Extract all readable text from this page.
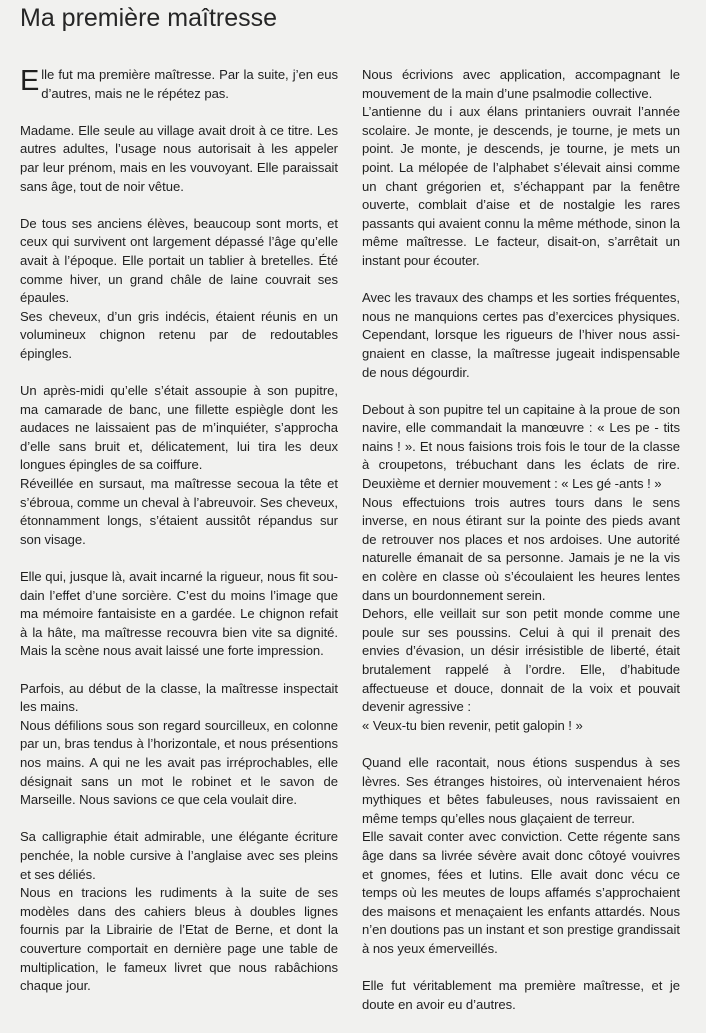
Ma première maîtresse

Elle fut ma première maîtresse. Par la suite, j’en eus d’autres, mais ne le répétez pas.

Madame. Elle seule au village avait droit à ce titre. Les autres adultes, l’usage nous autorisait à les appeler par leur prénom, mais en les vouvoyant. Elle paraissait sans âge, tout de noir vêtue.

De tous ses anciens élèves, beaucoup sont morts, et ceux qui survivent ont largement dépassé l’âge qu’elle avait à l’époque. Elle portait un tablier à bretelles. Été comme hiver, un grand châle de laine couvrait ses épaules.
Ses cheveux, d’un gris indécis, étaient réunis en un volumineux chignon retenu par de redoutables épingles.

Un après-midi qu’elle s’était assoupie à son pupitre, ma camarade de banc, une fillette espiègle dont les audaces ne laissaient pas de m’inquiéter, s’approcha d’elle sans bruit et, délicatement, lui tira les deux longues épingles de sa coiffure.
Réveillée en sursaut, ma maîtresse secoua la tête et s’ébroua, comme un cheval à l’abreuvoir. Ses cheveux, étonnamment longs, s’étaient aussitôt répandus sur son visage.

Elle qui, jusque là, avait incarné la rigueur, nous fit soudain l’effet d’une sorcière. C’est du moins l’image que ma mémoire fantaisiste en a gardée. Le chignon refait à la hâte, ma maîtresse recouvra bien vite sa dignité. Mais la scène nous avait laissé une forte impression.

Parfois, au début de la classe, la maîtresse inspectait les mains.
Nous défilions sous son regard sourcilleux, en colonne par un, bras tendus à l’horizontale, et nous présentions nos mains. A qui ne les avait pas irréprochables, elle désignait sans un mot le robinet et le savon de Marseille. Nous savions ce que cela voulait dire.

Sa calligraphie était admirable, une élégante écriture penchée, la noble cursive à l’anglaise avec ses pleins et ses déliés.
Nous en tracions les rudiments à la suite de ses modèles dans des cahiers bleus à doubles lignes fournis par la Librairie de l’Etat de Berne, et dont la couverture comportait en dernière page une table de multiplication, le fameux livret que nous rabâchions chaque jour.

Nous écrivions avec application, accompagnant le mouvement de la main d’une psalmodie collective.
L’antienne du i aux élans printaniers ouvrait l’année scolaire. Je monte, je descends, je tourne, je mets un point. Je monte, je descends, je tourne, je mets un point. La mélopée de l’alphabet s’élevait ainsi comme un chant grégorien et, s’échappant par la fenêtre ouverte, comblait d’aise et de nostalgie les rares passants qui avaient connu la même méthode, sinon la même maîtresse. Le facteur, disait-on, s’arrêtait un instant pour écouter.

Avec les travaux des champs et les sorties fréquentes, nous ne manquions certes pas d’exercices physiques. Cependant, lorsque les rigueurs de l’hiver nous assignaient en classe, la maîtresse jugeait indispensable de nous dégourdir.

Debout à son pupitre tel un capitaine à la proue de son navire, elle commandait la manœuvre : « Les pe - tits nains ! ». Et nous faisions trois fois le tour de la classe à croupetons, trébuchant dans les éclats de rire. Deuxième et dernier mouvement : « Les gé -ants ! »
Nous effectuions trois autres tours dans le sens inverse, en nous étirant sur la pointe des pieds avant de retrouver nos places et nos ardoises. Une autorité naturelle émanait de sa personne. Jamais je ne la vis en colère en classe où s’écoulaient les heures lentes dans un bourdonnement serein.
Dehors, elle veillait sur son petit monde comme une poule sur ses poussins. Celui à qui il prenait des envies d’évasion, un désir irrésistible de liberté, était brutalement rappelé à l’ordre. Elle, d’habitude affectueuse et douce, donnait de la voix et pouvait devenir agressive :
« Veux-tu bien revenir, petit galopin ! »

Quand elle racontait, nous étions suspendus à ses lèvres. Ses étranges histoires, où intervenaient héros mythiques et bêtes fabuleuses, nous ravissaient en même temps qu’elles nous glaçaient de terreur.
Elle savait conter avec conviction. Cette régente sans âge dans sa livrée sévère avait donc côtoyé vouivres et gnomes, fées et lutins. Elle avait donc vécu ce temps où les meutes de loups affamés s’approchaient des maisons et menaçaient les enfants attardés. Nous n’en doutions pas un instant et son prestige grandissait à nos yeux émerveillés.

Elle fut véritablement ma première maîtresse, et je doute en avoir eu d’autres.
